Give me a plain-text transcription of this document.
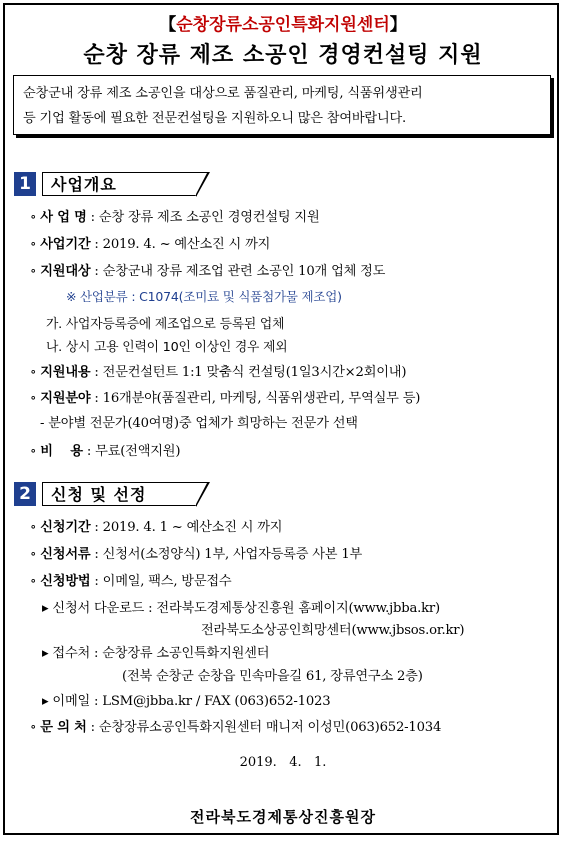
【순창장류소공인특화지원센터】
순창 장류 제조 소공인 경영컨설팅 지원
순창군내 장류 제조 소공인을 대상으로 품질관리, 마케팅, 식품위생관리
등 기업 활동에 필요한 전문컨설팅을 지원하오니 많은 참여바랍니다.
1	사업개요
∘ 사 업 명 : 순창 장류 제조 소공인 경영컨설팅 지원
∘ 사업기간 : 2019. 4. ~ 예산소진 시 까지
∘ 지원대상 : 순창군내 장류 제조업 관련 소공인 10개 업체 정도
※ 산업분류 : C1074(조미료 및 식품첨가물 제조업)
가. 사업자등록증에 제조업으로 등록된 업체
나. 상시 고용 인력이 10인 이상인 경우 제외
∘ 지원내용 : 전문컨설턴트 1:1 맞춤식 컨설팅(1일3시간×2회이내)
∘ 지원분야 : 16개분야(품질관리, 마케팅, 식품위생관리, 무역실무 등)
- 분야별 전문가(40여명)중 업체가 희망하는 전문가 선택
∘ 비    용 : 무료(전액지원)
2	신청 및 선정
∘ 신청기간 : 2019. 4. 1 ~ 예산소진 시 까지
∘ 신청서류 : 신청서(소정양식) 1부, 사업자등록증 사본 1부
∘ 신청방법 : 이메일, 팩스, 방문접수
▸ 신청서 다운로드 : 전라북도경제통상진흥원 홈페이지(www.jbba.kr)
전라북도소상공인희망센터(www.jbsos.or.kr)
▸ 접수처 : 순창장류 소공인특화지원센터
(전북 순창군 순창읍 민속마을길 61, 장류연구소 2층)
▸ 이메일 : LSM@jbba.kr / FAX (063)652-1023
∘ 문 의 처 : 순창장류소공인특화지원센터 매니저 이성민(063)652-1034
2019.   4.   1.
전라북도경제통상진흥원장
